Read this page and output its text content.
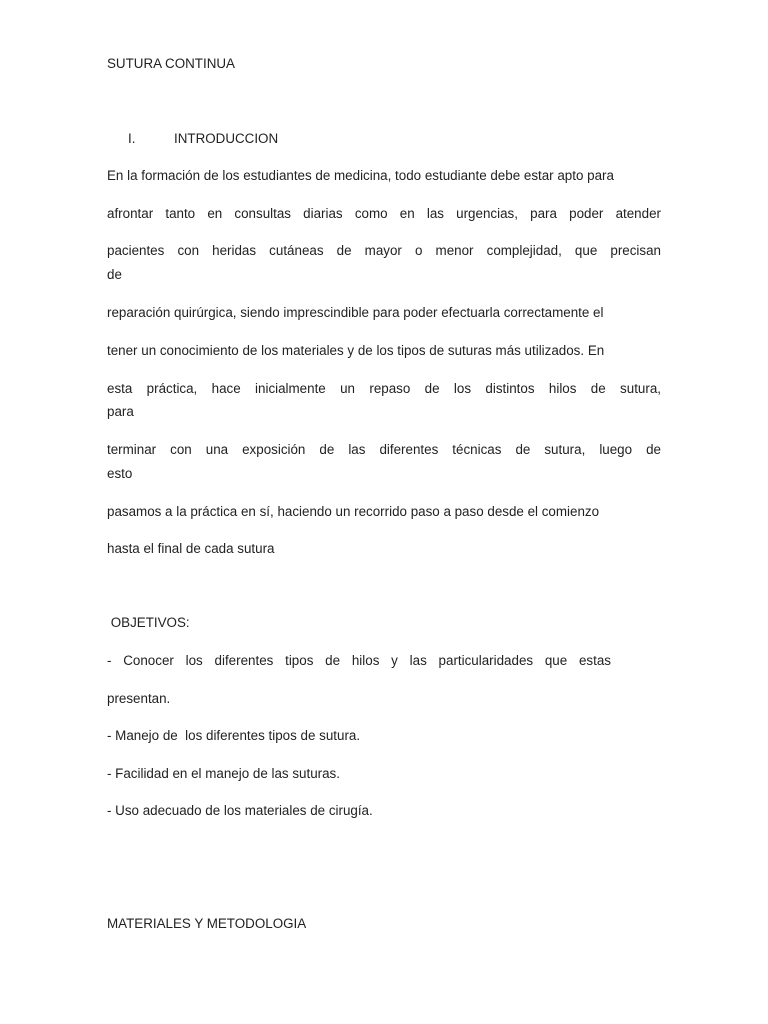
SUTURA CONTINUA
I.	INTRODUCCION
En la formación de los estudiantes de medicina, todo estudiante debe estar apto para
afrontar tanto en consultas diarias como en las urgencias, para poder atender
pacientes con heridas cutáneas de mayor o menor complejidad, que precisan
de
reparación quirúrgica, siendo imprescindible para poder efectuarla correctamente el
tener un conocimiento de los materiales y de los tipos de suturas más utilizados. En
esta práctica, hace inicialmente un repaso de los distintos hilos de sutura,
para
terminar con una exposición de las diferentes técnicas de sutura, luego de
esto
pasamos a la práctica en sí, haciendo un recorrido paso a paso desde el comienzo
hasta el final de cada sutura
OBJETIVOS:
- Conocer los diferentes tipos de hilos y las particularidades que estas
presentan.
- Manejo de  los diferentes tipos de sutura.
- Facilidad en el manejo de las suturas.
- Uso adecuado de los materiales de cirugía.
MATERIALES Y METODOLOGIA
